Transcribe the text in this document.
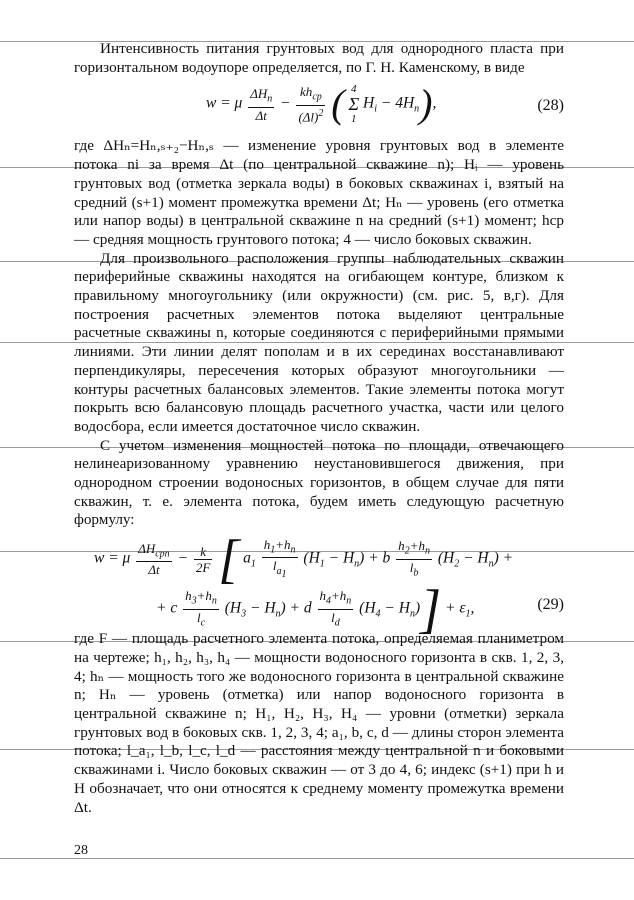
Интенсивность питания грунтовых вод для однородного пласта при горизонтальном водоупоре определяется, по Г. Н. Каменскому, в виде

w = μ $\frac{\Delta H_n}{\Delta t} - \frac{kh_{ср}}{(\Delta l)^2}$ ( 4
Σ
1 $H_i - 4H_n$),	(28)

где ΔHₙ=Hₙ,ₛ₊₂−Hₙ,ₛ — изменение уровня грунтовых вод в элементе потока ni за время Δt (по центральной скважине n); Hᵢ — уровень грунтовых вод (отметка зеркала воды) в боковых скважинах i, взятый на средний (s+1) момент промежутка времени Δt; Hₙ — уровень (его отметка или напор воды) в центральной скважине n на средний (s+1) момент; hср — средняя мощность грунтового потока; 4 — число боковых скважин.

Для произвольного расположения группы наблюдательных скважин периферийные скважины находятся на огибающем контуре, близком к правильному многоугольнику (или окружности) (см. рис. 5, в,г). Для построения расчетных элементов потока выделяют центральные расчетные скважины n, которые соединяются с периферийными прямыми линиями. Эти линии делят пополам и в их серединах восстанавливают перпендикуляры, пересечения которых образуют многоугольники — контуры расчетных балансовых элементов. Такие элементы потока могут покрыть всю балансовую площадь расчетного участка, части или целого водосбора, если имеется достаточное число скважин.

С учетом изменения мощностей потока по площади, отвечающего нелинеаризованному уравнению неустановившегося движения, при однородном строении водоносных горизонтов, в общем случае для пяти скважин, т. е. элемента потока, будем иметь следующую расчетную формулу:

w = μ $\frac{\Delta H_{срn}}{\Delta t} - \frac{k}{2F}$ [ $a_1 \frac{h_1+h_n}{l_{a_1}} (H_1 - H_n) + b \frac{h_2+h_n}{l_b} (H_2 - H_n)$ +
+ c $\frac{h_3+h_n}{l_c} (H_3 - H_n) + d \frac{h_4+h_n}{l_d} (H_4 - H_n)] + \varepsilon_1$,	(29)

где F — площадь расчетного элемента потока, определяемая планиметром на чертеже; h₁, h₂, h₃, h₄ — мощности водоносного горизонта в скв. 1, 2, 3, 4; hₙ — мощность того же водоносного горизонта в центральной скважине n; Hₙ — уровень (отметка) или напор водоносного горизонта в центральной скважине n; H₁, H₂, H₃, H₄ — уровни (отметки) зеркала грунтовых вод в боковых скв. 1, 2, 3, 4; a₁, b, c, d — длины сторон элемента потока; l_a₁, l_b, l_c, l_d — расстояния между центральной n и боковыми скважинами i. Число боковых скважин — от 3 до 4, 6; индекс (s+1) при h и H обозначает, что они относятся к среднему моменту промежутка времени Δt.

28
